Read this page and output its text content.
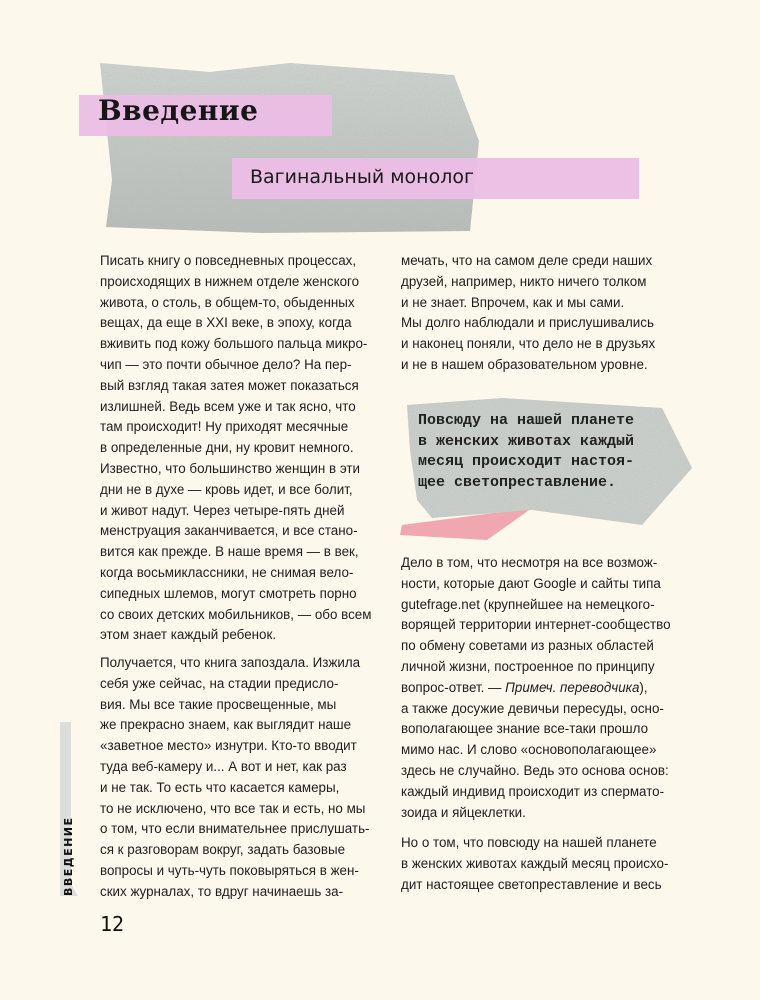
Введение
Вагинальный монолог
Писать книгу о повседневных процессах,
происходящих в нижнем отделе женского
живота, о столь, в общем-то, обыденных
вещах, да еще в XXI веке, в эпоху, когда
вживить под кожу большого пальца микро-
чип — это почти обычное дело? На пер-
вый взгляд такая затея может показаться
излишней. Ведь всем уже и так ясно, что
там происходит! Ну приходят месячные
в определенные дни, ну кровит немного.
Известно, что большинство женщин в эти
дни не в духе — кровь идет, и все болит,
и живот надут. Через четыре-пять дней
менструация заканчивается, и все стано-
вится как прежде. В наше время — в век,
когда восьмиклассники, не снимая вело-
сипедных шлемов, могут смотреть порно
со своих детских мобильников, — обо всем
этом знает каждый ребенок.
Получается, что книга запоздала. Изжила
себя уже сейчас, на стадии предисло-
вия. Мы все такие просвещенные, мы
же прекрасно знаем, как выглядит наше
«заветное место» изнутри. Кто-то вводит
туда веб-камеру и... А вот и нет, как раз
и не так. То есть что касается камеры,
то не исключено, что все так и есть, но мы
о том, что если внимательнее прислушать-
ся к разговорам вокруг, задать базовые
вопросы и чуть-чуть поковыряться в жен-
ских журналах, то вдруг начинаешь за-
мечать, что на самом деле среди наших
друзей, например, никто ничего толком
и не знает. Впрочем, как и мы сами.
Мы долго наблюдали и прислушивались
и наконец поняли, что дело не в друзьях
и не в нашем образовательном уровне.
Дело в том, что несмотря на все возмож-
ности, которые дают Google и сайты типа
gutefrage.net (крупнейшее на немецкого-
ворящей территории интернет-сообщество
по обмену советами из разных областей
личной жизни, построенное по принципу
вопрос-ответ. — Примеч. переводчика),
а также досужие девичьи пересуды, осно-
вополагающее знание все-таки прошло
мимо нас. И слово «основополагающее»
здесь не случайно. Ведь это основа основ:
каждый индивид происходит из спермато-
зоида и яйцеклетки.
Но о том, что повсюду на нашей планете
в женских животах каждый месяц происхо-
дит настоящее светопреставление и весь
Повсюду на нашей планете
в женских животах каждый
месяц происходит настоя-
щее светопреставление.
ВВЕДЕНИЕ
12
